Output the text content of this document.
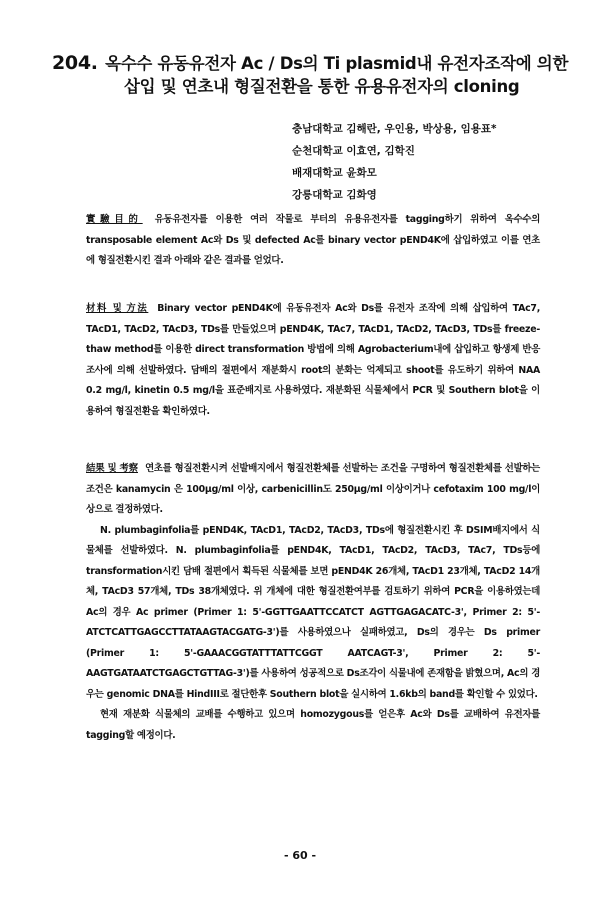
204. 옥수수 유동유전자 Ac / Ds의 Ti plasmid내 유전자조작에 의한
삽입 및 연초내 형질전환을 통한 유용유전자의 cloning
충남대학교 김해란, 우인용, 박상용, 임용표*
순천대학교 이효연, 김학진
배재대학교 윤화모
강릉대학교 김화영
實驗目的 유동유전자를 이용한 여러 작물로 부터의 유용유전자를 tagging하기 위하여 옥수수의 transposable element Ac와 Ds 및 defected Ac를 binary vector pEND4K에 삽입하였고 이를 연초에 형질전환시킨 결과 아래와 같은 결과를 얻었다.
材料 및 方法 Binary vector pEND4K에 유동유전자 Ac와 Ds를 유전자 조작에 의해 삽입하여 TAc7, TAcD1, TAcD2, TAcD3, TDs를 만들었으며 pEND4K, TAc7, TAcD1, TAcD2, TAcD3, TDs를 freeze-thaw method를 이용한 direct transformation 방법에 의해 Agrobacterium내에 삽입하고 항생제 반응조사에 의해 선발하였다. 담배의 절편에서 재분화시 root의 분화는 억제되고 shoot를 유도하기 위하여 NAA 0.2 mg/l, kinetin 0.5 mg/l을 표준배지로 사용하였다. 재분화된 식물체에서 PCR 및 Southern blot을 이용하여 형질전환을 확인하였다.
結果 및 考察 연초를 형질전환시켜 선발배지에서 형질전환체를 선발하는 조건을 구명하여 형질전환체를 선발하는 조건은 kanamycin 은 100μg/ml 이상, carbenicillin도 250μg/ml 이상이거나 cefotaxim 100 mg/l이상으로 결정하였다.
N. plumbaginfolia를 pEND4K, TAcD1, TAcD2, TAcD3, TDs에 형질전환시킨 후 DSIM배지에서 식물체를 선발하였다. N. plumbaginfolia를 pEND4K, TAcD1, TAcD2, TAcD3, TAc7, TDs등에 transformation시킨 담배 절편에서 획득된 식물체를 보면 pEND4K 26개체, TAcD1 23개체, TAcD2 14개체, TAcD3 57개체, TDs 38개체였다. 위 개체에 대한 형질전환여부를 검토하기 위하여 PCR을 이용하였는데 Ac의 경우 Ac primer (Primer 1: 5'-GGTTGAATTCCATCT AGTTGAGACATC-3', Primer 2: 5'-ATCTCATTGAGCCTTATAAGTACGATG-3')를 사용하였으나 실패하였고, Ds의 경우는 Ds primer (Primer 1: 5'-GAAACGGTATTTATTCGGT AATCAGT-3', Primer 2: 5'-AAGTGATAATCTGAGCTGTTAG-3')를 사용하여 성공적으로 Ds조각이 식물내에 존재함을 밝혔으며, Ac의 경우는 genomic DNA를 HindIII로 절단한후 Southern blot을 실시하여 1.6kb의 band를 확인할 수 있었다.
현재 재분화 식물체의 교배를 수행하고 있으며 homozygous를 얻은후 Ac와 Ds를 교배하여 유전자를 tagging할 예정이다.
- 60 -
